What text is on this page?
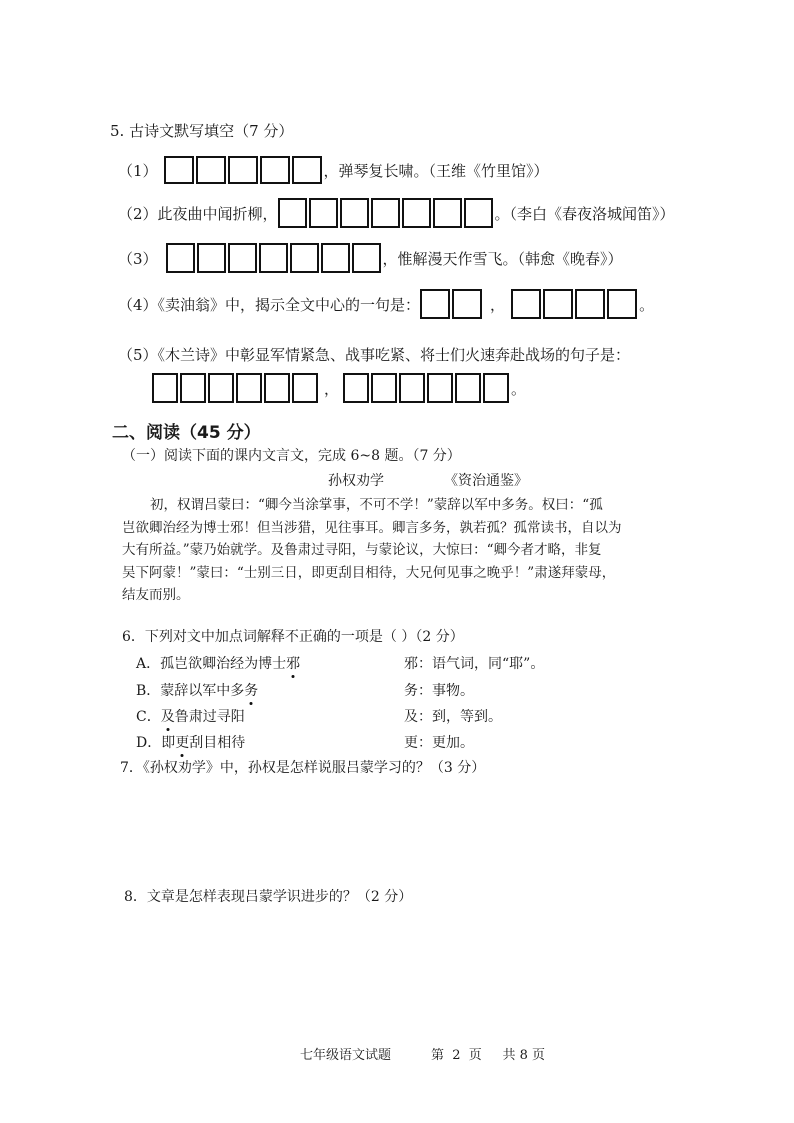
5. 古诗文默写填空（7 分）
（1）	，弹琴复长啸。（王维《竹里馆》）
（2）此夜曲中闻折柳，	。（李白《春夜洛城闻笛》）
（3）	，惟解漫天作雪飞。（韩愈《晚春》）
（4）《卖油翁》中，揭示全文中心的一句是：	，	。
（5）《木兰诗》中彰显军情紧急、战事吃紧、将士们火速奔赴战场的句子是：
，	。
二、阅读（45 分）
（一）阅读下面的课内文言文，完成 6~8 题。（7 分）
孙权劝学	《资治通鉴》
初，权谓吕蒙曰：“卿今当涂掌事，不可不学！”蒙辞以军中多务。权曰：“孤
岂欲卿治经为博士邪！但当涉猎，见往事耳。卿言多务，孰若孤？孤常读书，自以为
大有所益。”蒙乃始就学。及鲁肃过寻阳，与蒙论议，大惊曰：“卿今者才略，非复
吴下阿蒙！”蒙曰：“士别三日，即更刮目相待，大兄何见事之晚乎！”肃遂拜蒙母，
结友而别。
6．下列对文中加点词解释不正确的一项是（ ）（2 分）
A．孤岂欲卿治经为博士邪	邪：语气词，同“耶”。
B．蒙辞以军中多务	务：事物。
C．及鲁肃过寻阳	及：到，等到。
D．即更刮目相待	更：更加。
7．《孙权劝学》中，孙权是怎样说服吕蒙学习的？（3 分）
8．文章是怎样表现吕蒙学识进步的？（2 分）
七年级语文试题	第  2  页     共 8 页
